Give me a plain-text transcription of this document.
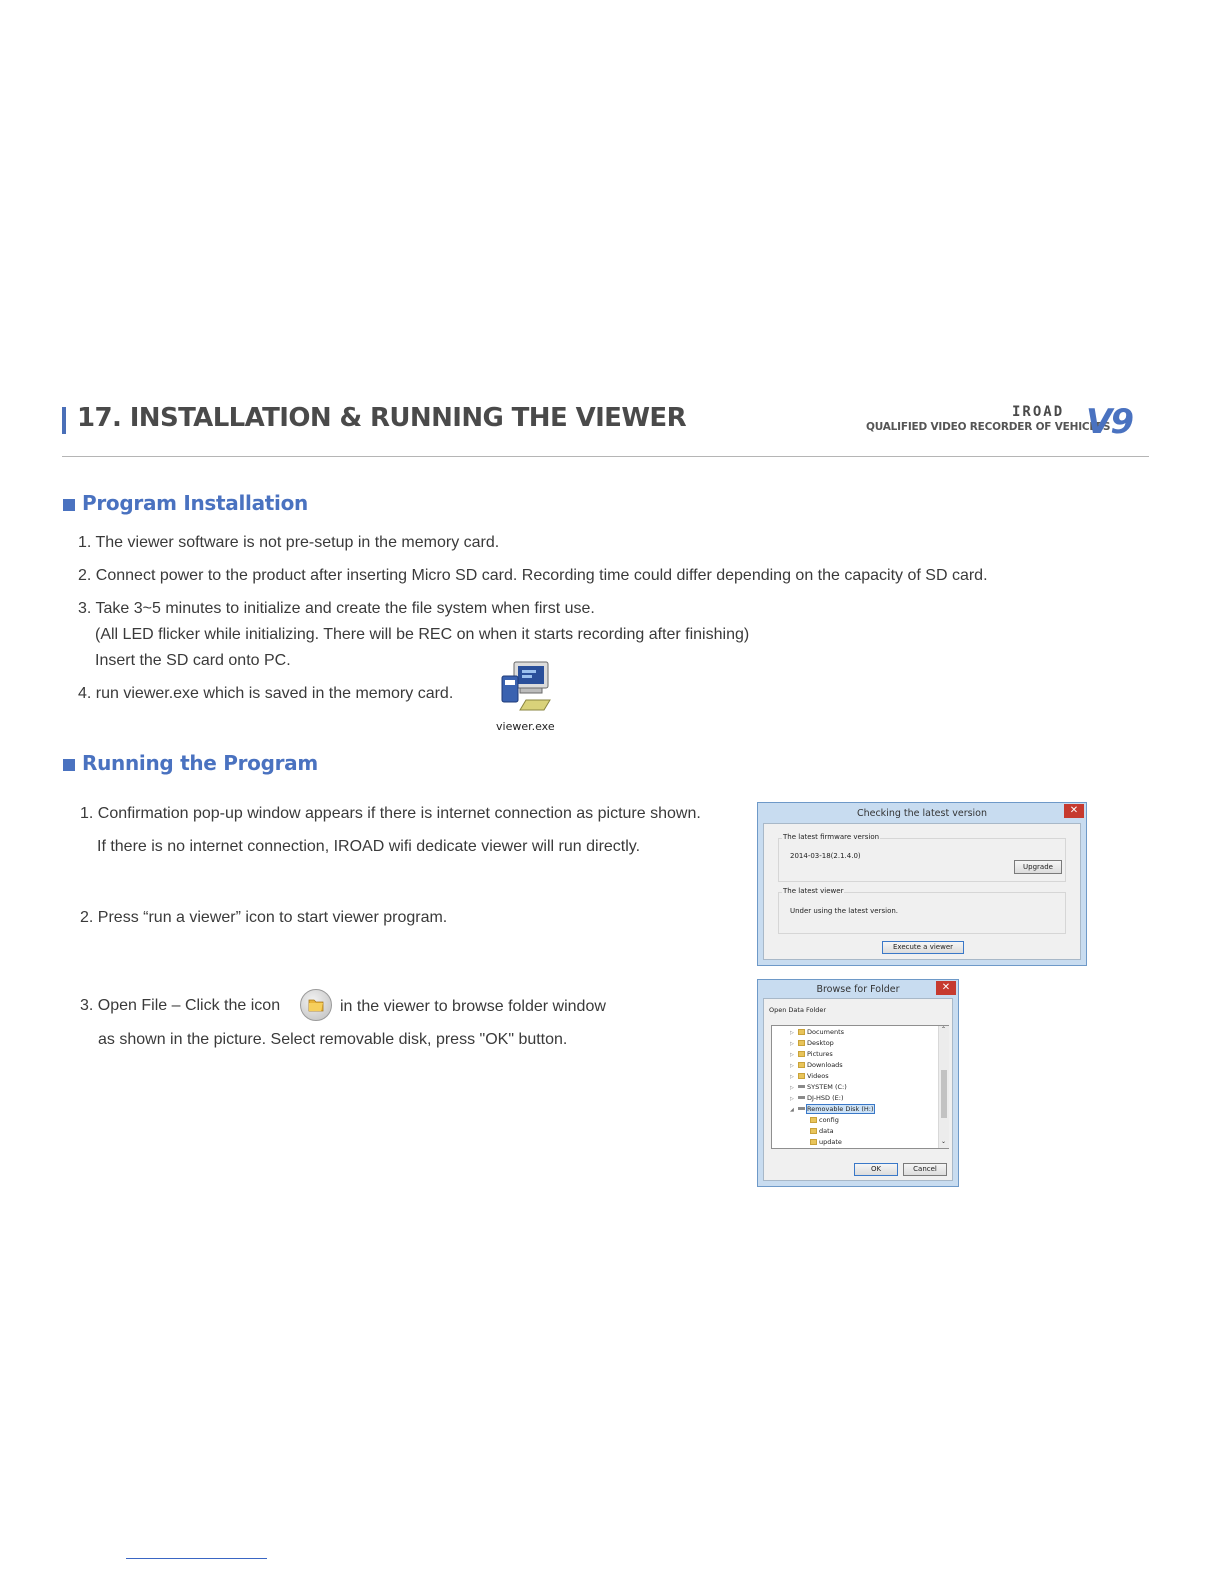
17. INSTALLATION & RUNNING THE VIEWER	IROAD
QUALIFIED VIDEO RECORDER OF VEHICLES
V9
Program Installation
1. The viewer software is not pre-setup in the memory card.
2. Connect power to the product after inserting Micro SD card. Recording time could differ depending on the capacity of SD card.
3. Take 3~5 minutes to initialize and create the file system when first use.
(All LED flicker while initializing. There will be REC on when it starts recording after finishing)
Insert the SD card onto PC.
4. run viewer.exe which is saved in the memory card.
viewer.exe
Running the Program
1. Confirmation pop-up window appears if there is internet connection as picture shown.
If there is no internet connection, IROAD wifi dedicate viewer will run directly.
2. Press “run a viewer” icon to start viewer program.
3. Open File – Click the icon	in the viewer to browse folder window
as shown in the picture. Select removable disk, press "OK" button.
Checking the latest version	✕
The latest firmware version
2014-03-18(2.1.4.0)
Upgrade
The latest viewer
Under using the latest version.
Execute a viewer
Browse for Folder	✕
Open Data Folder
▷ Documents
▷ Desktop
▷ Pictures
▷ Downloads
▷ Videos
▷ SYSTEM (C:)
▷ DJ-HSD (E:)
◢ Removable Disk (H:)
config
data
update
⌃
⌄
OK	Cancel
